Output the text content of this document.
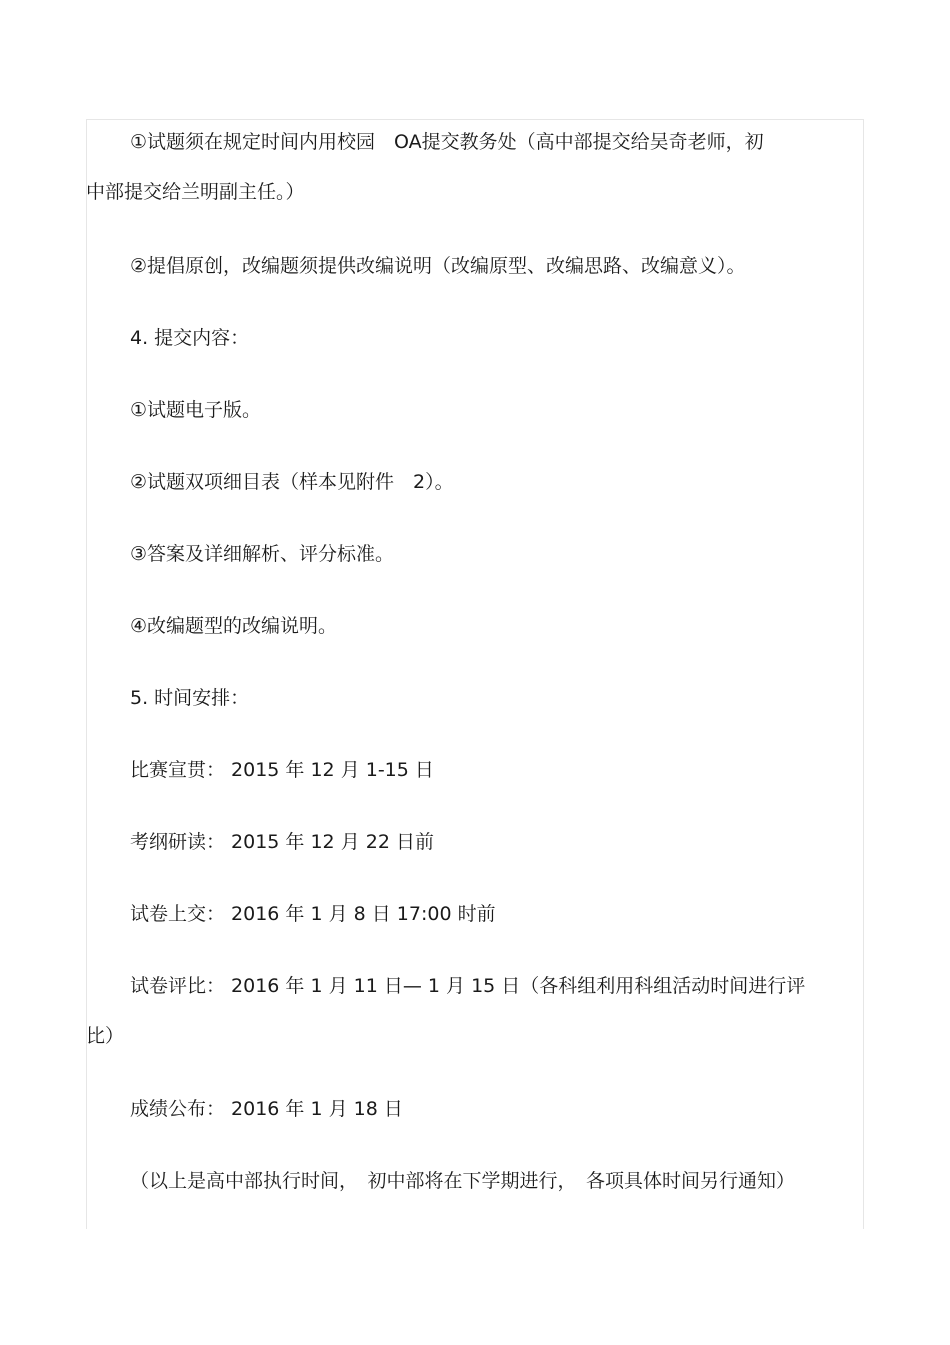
①试题须在规定时间内用校园　OA提交教务处（高中部提交给吴奇老师，初
中部提交给兰明副主任。）
②提倡原创，改编题须提供改编说明（改编原型、改编思路、改编意义）。
4. 提交内容：
①试题电子版。
②试题双项细目表（样本见附件　2）。
③答案及详细解析、评分标准。
④改编题型的改编说明。
5. 时间安排：
比赛宣贯： 2015 年 12 月 1-15 日
考纲研读： 2015 年 12 月 22 日前
试卷上交： 2016 年 1 月 8 日 17:00 时前
试卷评比： 2016 年 1 月 11 日— 1 月 15 日（各科组利用科组活动时间进行评
比）
成绩公布： 2016 年 1 月 18 日
（以上是高中部执行时间，　初中部将在下学期进行，　各项具体时间另行通知）
